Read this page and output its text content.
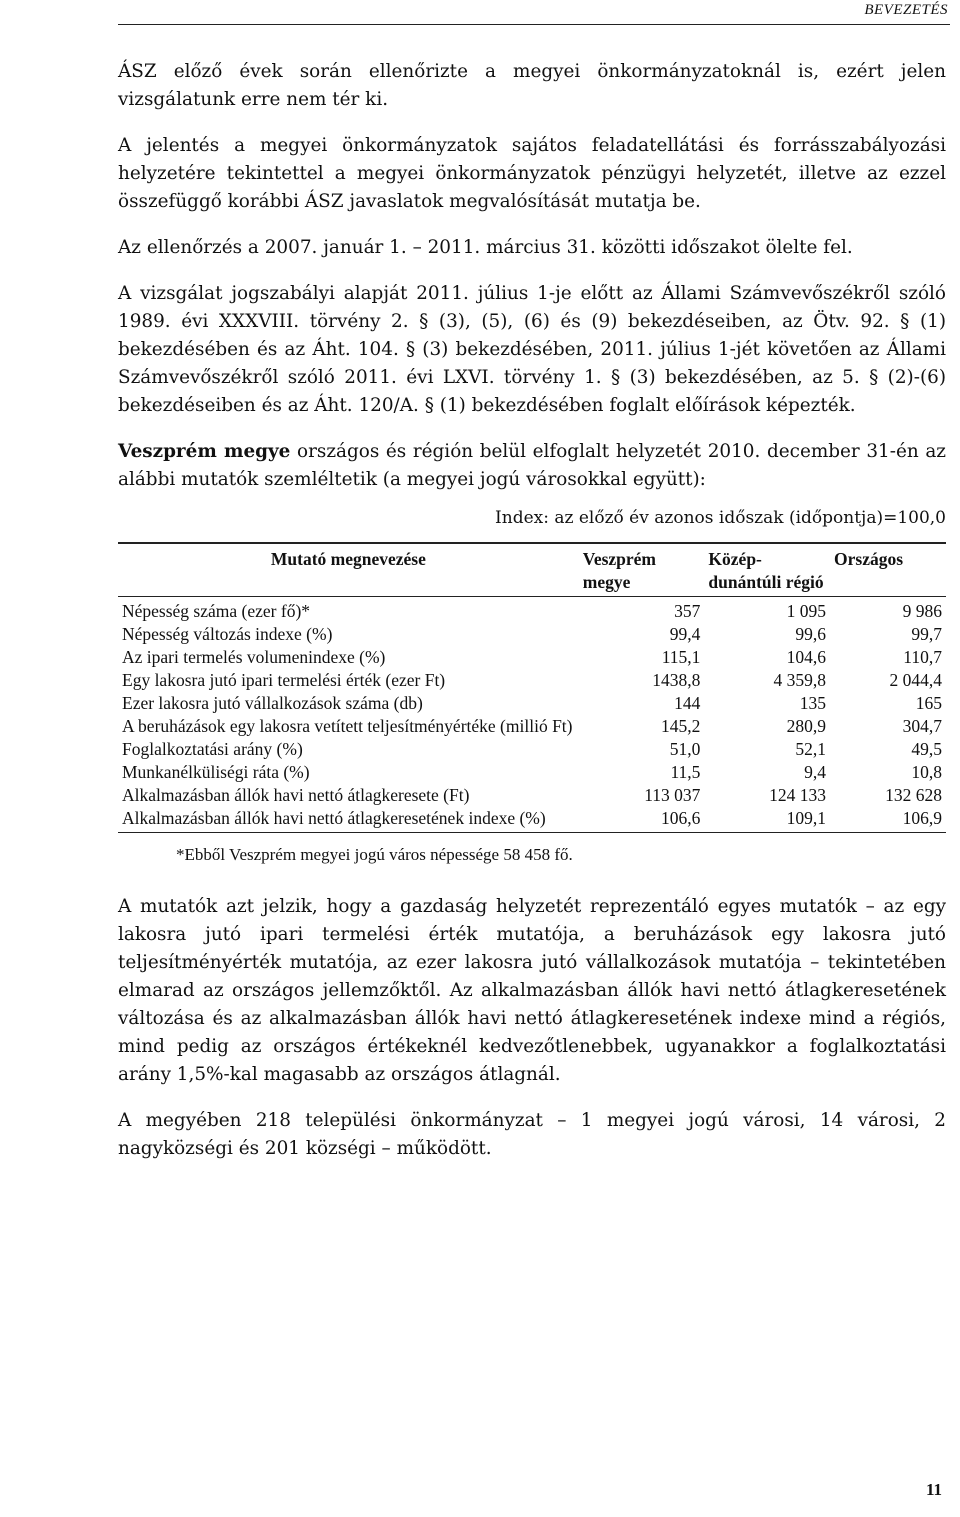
BEVEZETÉS

ÁSZ előző évek során ellenőrizte a megyei önkormányzatoknál is, ezért jelen vizsgálatunk erre nem tér ki.

A jelentés a megyei önkormányzatok sajátos feladatellátási és forrásszabályozási helyzetére tekintettel a megyei önkormányzatok pénzügyi helyzetét, illetve az ezzel összefüggő korábbi ÁSZ javaslatok megvalósítását mutatja be.

Az ellenőrzés a 2007. január 1. – 2011. március 31. közötti időszakot ölelte fel.

A vizsgálat jogszabályi alapját 2011. július 1-je előtt az Állami Számvevőszékről szóló 1989. évi XXXVIII. törvény 2. § (3), (5), (6) és (9) bekezdéseiben, az Ötv. 92. § (1) bekezdésében és az Áht. 104. § (3) bekezdésében, 2011. július 1-jét követően az Állami Számvevőszékről szóló 2011. évi LXVI. törvény 1. § (3) bekezdésében, az 5. § (2)-(6) bekezdéseiben és az Áht. 120/A. § (1) bekezdésében foglalt előírások képezték.

Veszprém megye országos és régión belül elfoglalt helyzetét 2010. december 31-én az alábbi mutatók szemléltetik (a megyei jogú városokkal együtt):

Index: az előző év azonos időszak (időpontja)=100,0
Mutató megnevezése	Veszprém megye	Közép-dunántúli régió	Országos
Népesség száma (ezer fő)*	357	1 095	9 986
Népesség változás indexe (%)	99,4	99,6	99,7
Az ipari termelés volumenindexe (%)	115,1	104,6	110,7
Egy lakosra jutó ipari termelési érték (ezer Ft)	1438,8	4 359,8	2 044,4
Ezer lakosra jutó vállalkozások száma (db)	144	135	165
A beruházások egy lakosra vetített teljesítményértéke (millió Ft)	145,2	280,9	304,7
Foglalkoztatási arány (%)	51,0	52,1	49,5
Munkanélküliségi ráta (%)	11,5	9,4	10,8
Alkalmazásban állók havi nettó átlagkeresete (Ft)	113 037	124 133	132 628
Alkalmazásban állók havi nettó átlagkeresetének indexe (%)	106,6	109,1	106,9
*Ebből Veszprém megyei jogú város népessége 58 458 fő.

A mutatók azt jelzik, hogy a gazdaság helyzetét reprezentáló egyes mutatók – az egy lakosra jutó ipari termelési érték mutatója, a beruházások egy lakosra jutó teljesítményérték mutatója, az ezer lakosra jutó vállalkozások mutatója – tekintetében elmarad az országos jellemzőktől. Az alkalmazásban állók havi nettó átlagkeresetének változása és az alkalmazásban állók havi nettó átlagkeresetének indexe mind a régiós, mind pedig az országos értékeknél kedvezőtlenebbek, ugyanakkor a foglalkoztatási arány 1,5%-kal magasabb az országos átlagnál.

A megyében 218 települési önkormányzat – 1 megyei jogú városi, 14 városi, 2 nagyközségi és 201 községi – működött.

11
